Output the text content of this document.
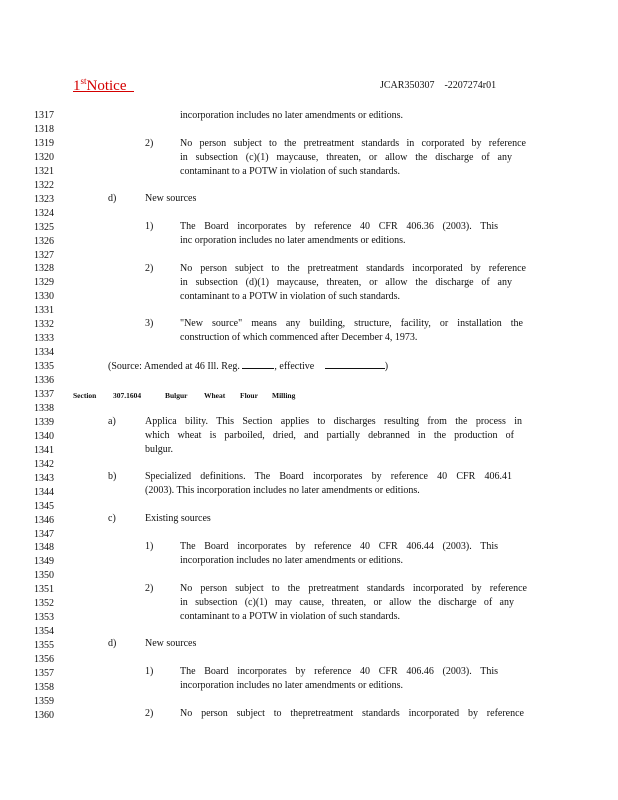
1stNotice	JCAR350307    -2207274r01
1317
1318
1319
1320
1321
1322
1323
1324
1325
1326
1327
1328
1329
1330
1331
1332
1333
1334
1335
1336
1337
1338
1339
1340
1341
1342
1343
1344
1345
1346
1347
1348
1349
1350
1351
1352
1353
1354
1355
1356
1357
1358
1359
1360
incorporation includes no later amendments or editions.
2)	No person subject to the pretreatment standards in corporated by reference
in subsection (c)(1) maycause, threaten, or allow the discharge of any
contaminant to a POTW in violation of such standards.
d)	New sources
1)	The Board incorporates by reference 40 CFR 406.36 (2003). This
inc orporation includes no later amendments or editions.
2)	No person subject to the pretreatment standards incorporated by reference
in subsection (d)(1) maycause, threaten, or allow the discharge of any
contaminant to a POTW in violation of such standards.
3)	"New source" means any building, structure, facility, or installation the
construction of which commenced after December 4, 1973.
(Source: Amended at 46 Ill. Reg.	, effective	)
Section 307.1604	Bulgur Wheat Flour Milling
a)	Applica bility. This Section applies to discharges resulting from the process in
which wheat is parboiled, dried, and partially debranned in the production of
bulgur.
b)	Specialized definitions. The Board incorporates by reference 40 CFR 406.41
(2003). This incorporation includes no later amendments or editions.
c)	Existing sources
1)	The Board incorporates by reference 40 CFR 406.44 (2003). This
incorporation includes no later amendments or editions.
2)	No person subject to the pretreatment standards incorporated by reference
in subsection (c)(1) may cause, threaten, or allow the discharge of any
contaminant to a POTW in violation of such standards.
d)	New sources
1)	The Board incorporates by reference 40 CFR 406.46 (2003). This
incorporation includes no later amendments or editions.
2)	No person subject to thepretreatment standards incorporated by reference
